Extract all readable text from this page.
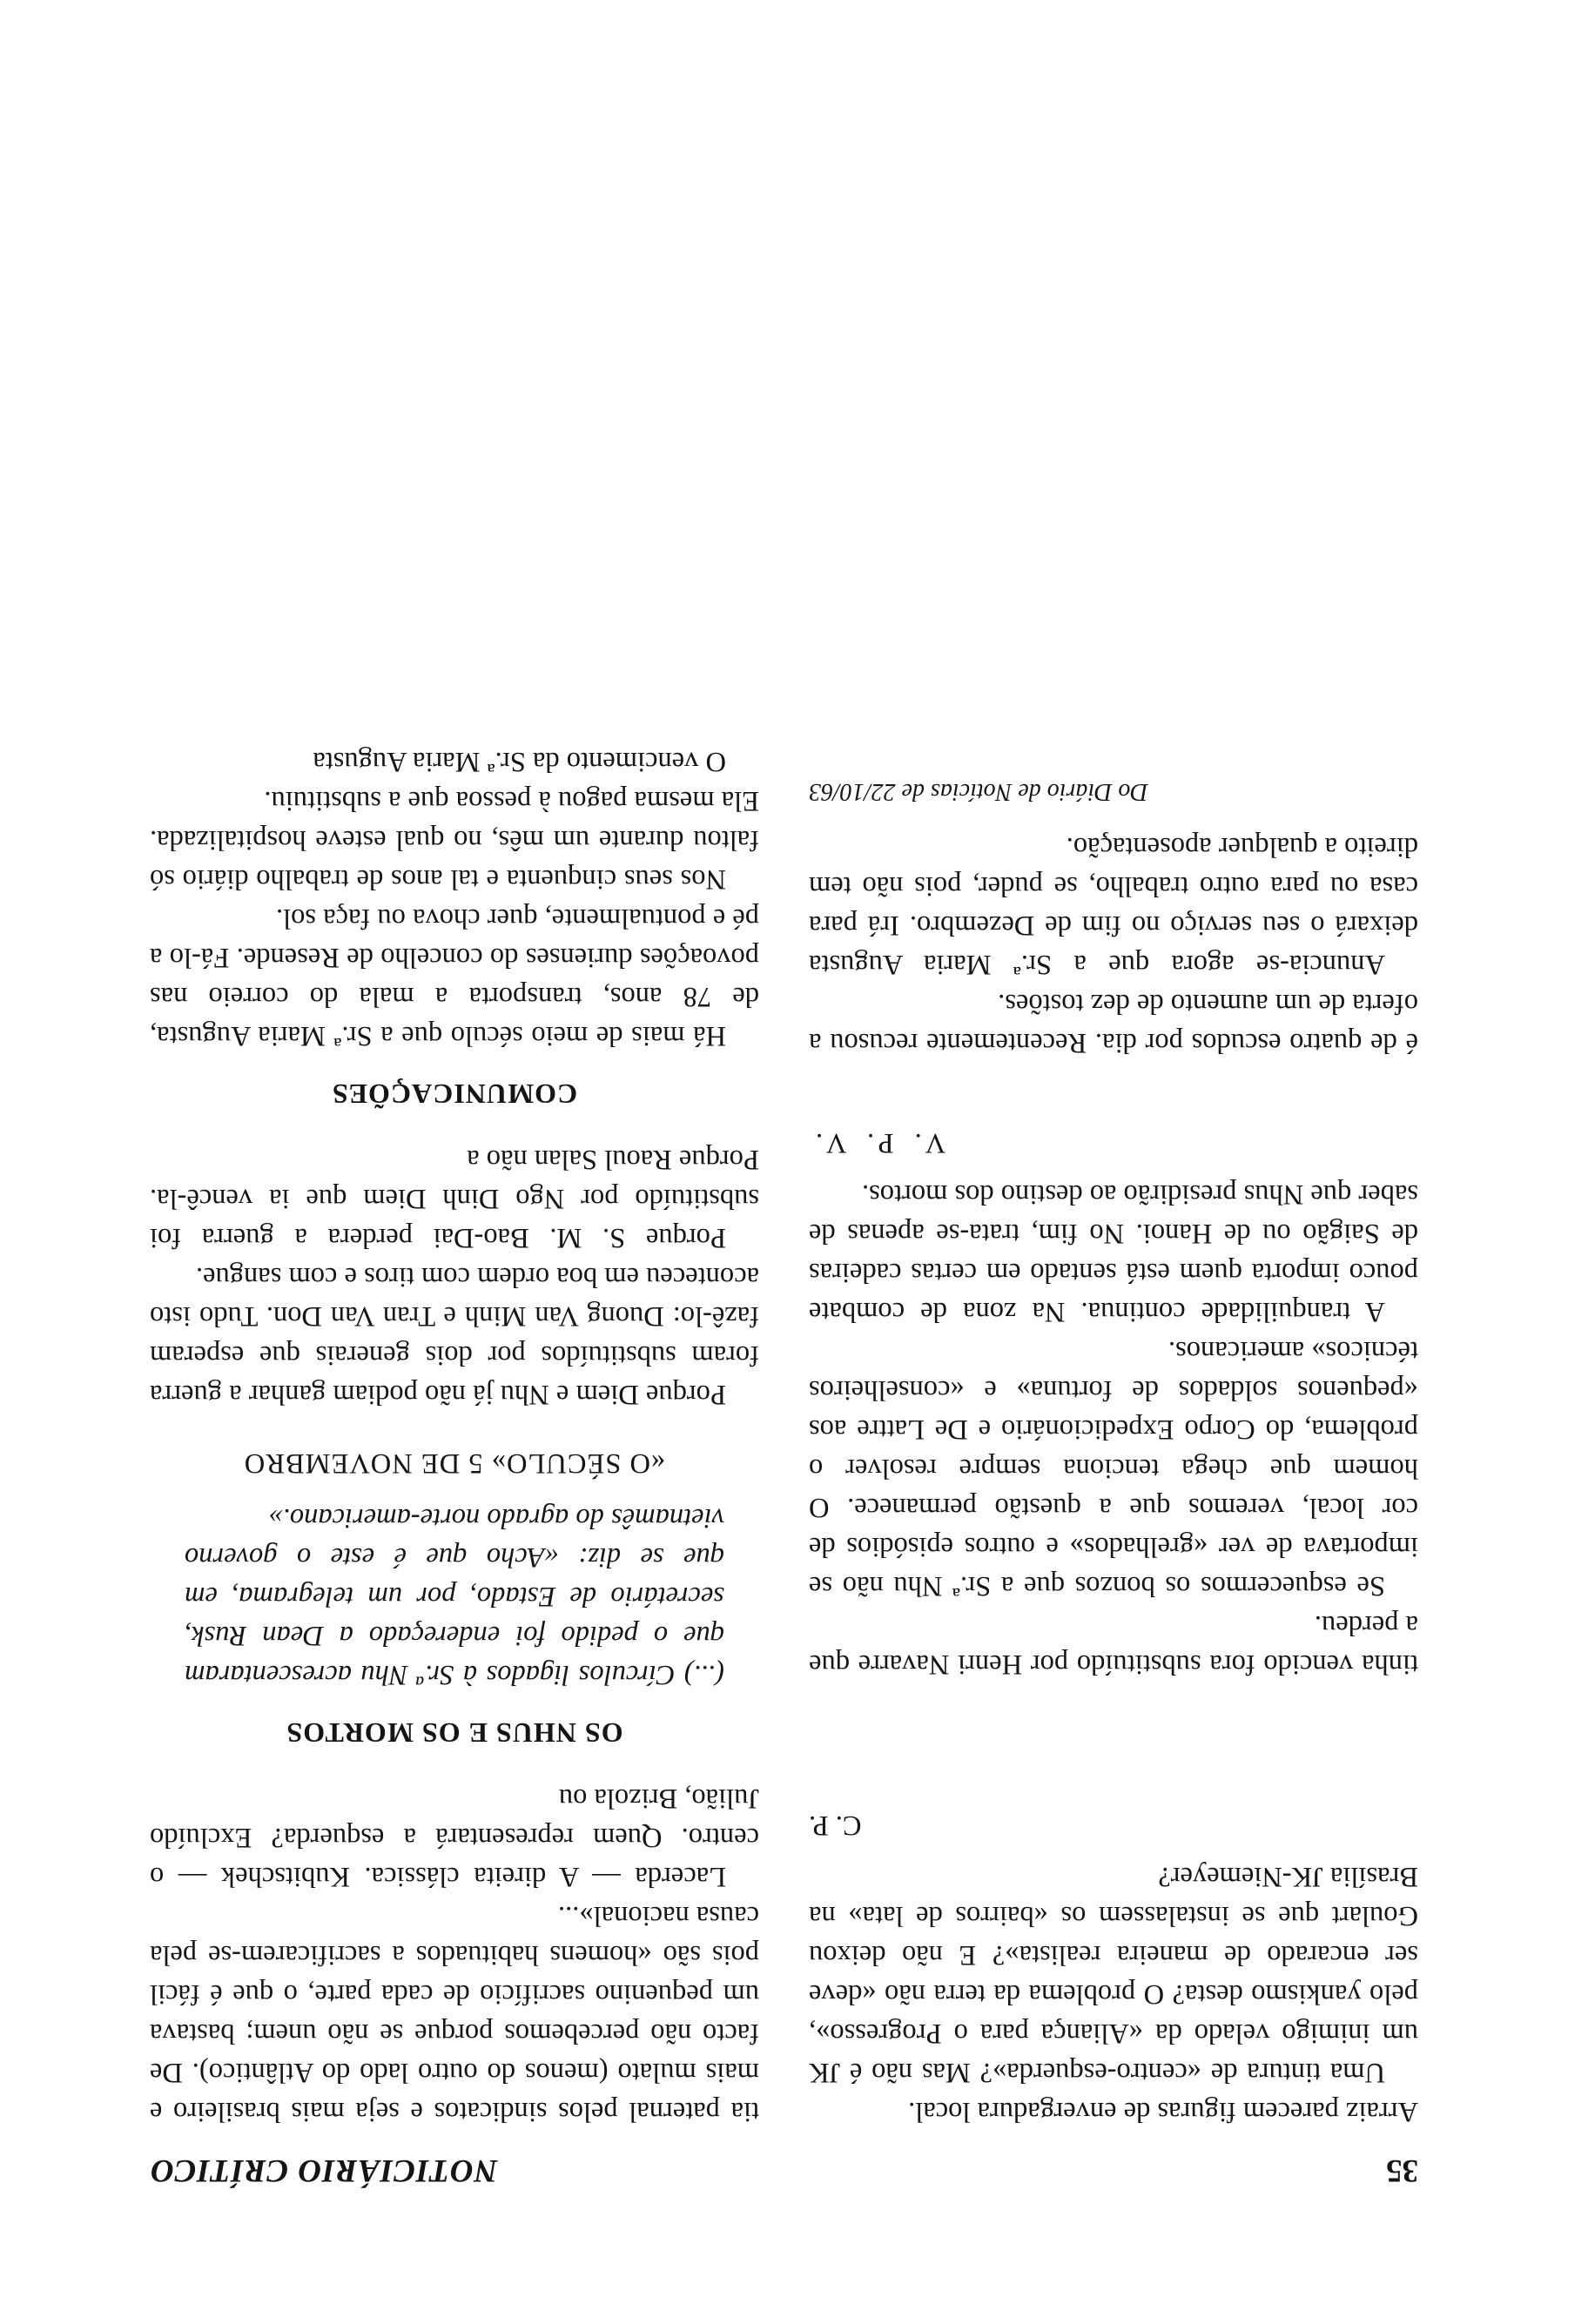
35
NOTICIÁRIO CRÍTICO

Arraiz parecem figuras de envergadura local.

Uma tintura de «centro-esquerda»? Mas não é JK um inimigo velado da «Aliança para o Progresso», pelo yankismo desta? O problema da terra não «deve ser encarado de maneira realista»? E não deixou Goulart que se instalassem os «bairros de lata» na Brasília JK-Niemeyer?

C. P.

tinha vencido fora substituído por Henri Navarre que a perdeu.

Se esquecermos os bonzos que a Sr.ª Nhu não se importava de ver «grelhados» e outros episódios de cor local, veremos que a questão permanece. O homem que chega tenciona sempre resolver o problema, do Corpo Expedicionário e De Lattre aos «pequenos soldados de fortuna» e «conselheiros técnicos» americanos.

A tranquilidade continua. Na zona de combate pouco importa quem está sentado em certas cadeiras de Saigão ou de Hanoi. No fim, trata-se apenas de saber que Nhus presidirão ao destino dos mortos.

V. P. V.

é de quatro escudos por dia. Recentemente recusou a oferta de um aumento de dez tostões.

Anuncia-se agora que a Sr.ª Maria Augusta deixará o seu serviço no fim de Dezembro. Irá para casa ou para outro trabalho, se puder, pois não tem direito a qualquer aposentação.

Do Diário de Notícias de 22/10/63

tia paternal pelos sindicatos e seja mais brasileiro e mais mulato (menos do outro lado do Atlântico). De facto não percebemos porque se não unem; bastava um pequenino sacrifício de cada parte, o que é fácil pois são «homens habituados a sacrificarem-se pela causa nacional»...

Lacerda — A direita clássica. Kubitschek — o centro. Quem representará a esquerda? Excluído Julião, Brizola ou

OS NHUS E OS MORTOS

(...) Círculos ligados à Sr.ª Nhu acrescentaram que o pedido foi endereçado a Dean Rusk, secretário de Estado, por um telegrama, em que se diz: «Acho que é este o governo vietnamês do agrado norte-americano.»

«O SÉCULO» 5 DE NOVEMBRO

Porque Diem e Nhu já não podiam ganhar a guerra foram substituídos por dois generais que esperam fazê-lo: Duong Van Minh e Tran Van Don. Tudo isto aconteceu em boa ordem com tiros e com sangue.

Porque S. M. Bao-Dai perdera a guerra foi substituído por Ngo Dinh Diem que ia vencê-la. Porque Raoul Salan não a

COMUNICAÇÕES

Há mais de meio século que a Sr.ª Maria Augusta, de 78 anos, transporta a mala do correio nas povoações durienses do concelho de Resende. Fá-lo a pé e pontualmente, quer chova ou faça sol.

Nos seus cinquenta e tal anos de trabalho diário só faltou durante um mês, no qual esteve hospitalizada. Ela mesma pagou à pessoa que a substituiu.

O vencimento da Sr.ª Maria Augusta
